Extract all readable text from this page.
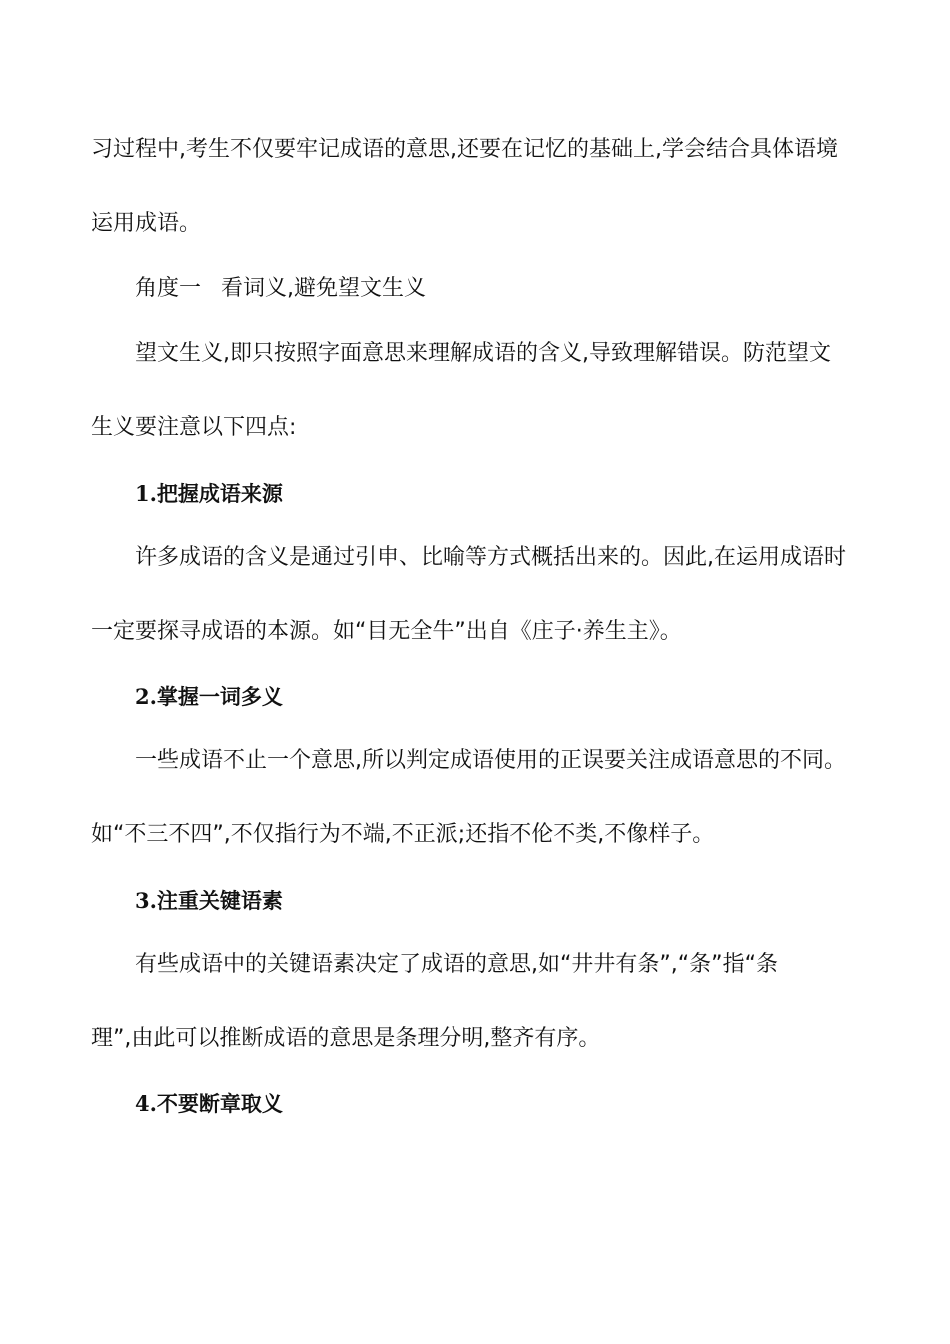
习过程中,考生不仅要牢记成语的意思,还要在记忆的基础上,学会结合具体语境
运用成语。
角度一 看词义,避免望文生义
望文生义,即只按照字面意思来理解成语的含义,导致理解错误。防范望文
生义要注意以下四点:
1.把握成语来源
许多成语的含义是通过引申、比喻等方式概括出来的。因此,在运用成语时
一定要探寻成语的本源。如“目无全牛”出自《庄子·养生主》。
2.掌握一词多义
一些成语不止一个意思,所以判定成语使用的正误要关注成语意思的不同。
如“不三不四”,不仅指行为不端,不正派;还指不伦不类,不像样子。
3.注重关键语素
有些成语中的关键语素决定了成语的意思,如“井井有条”,“条”指“条
理”,由此可以推断成语的意思是条理分明,整齐有序。
4.不要断章取义
